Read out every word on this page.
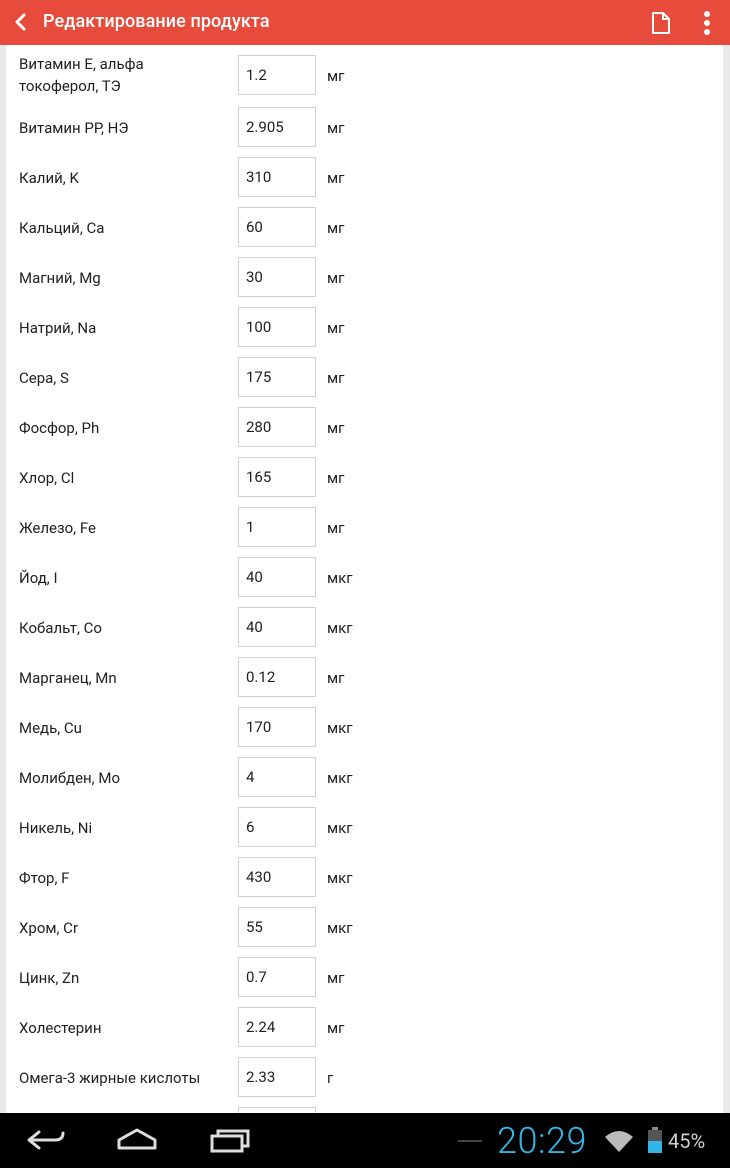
Редактирование продукта
Витамин Е, альфа токоферол, ТЭ
1.2	мг
Витамин РР, НЭ	2.905	мг
Калий, K	310	мг
Кальций, Ca	60	мг
Магний, Mg	30	мг
Натрий, Na	100	мг
Сера, S	175	мг
Фосфор, Ph	280	мг
Хлор, Cl	165	мг
Железо, Fe	1	мг
Йод, I	40	мкг
Кобальт, Co	40	мкг
Марганец, Mn	0.12	мг
Медь, Cu	170	мкг
Молибден, Mo	4	мкг
Никель, Ni	6	мкг
Фтор, F	430	мкг
Хром, Cr	55	мкг
Цинк, Zn	0.7	мг
Холестерин	2.24	мг
Омега-3 жирные кислоты	2.33	г
20:29	45%
